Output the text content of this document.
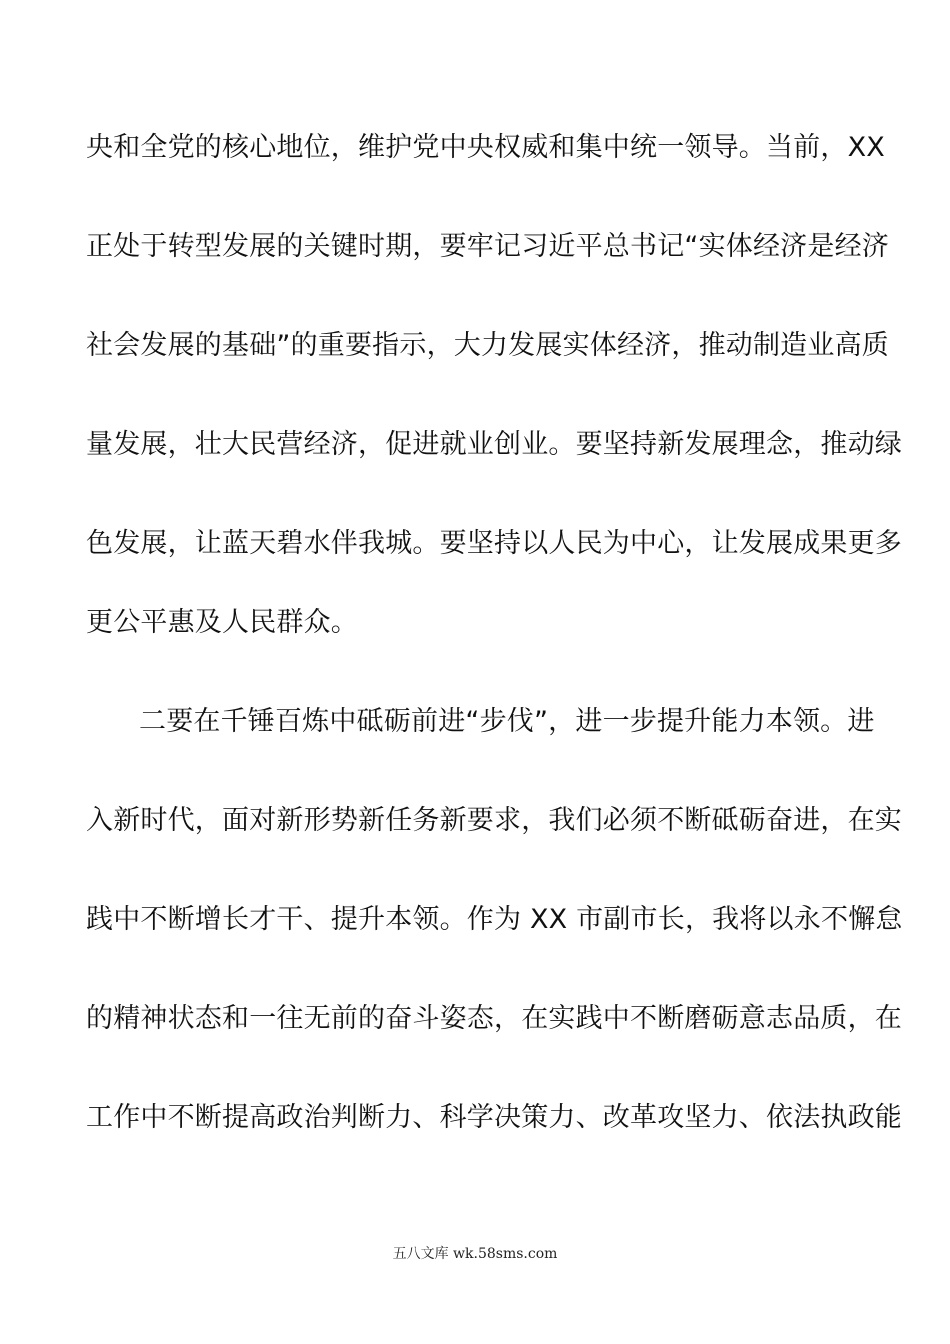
央和全党的核心地位，维护党中央权威和集中统一领导。当前，XX
正处于转型发展的关键时期，要牢记习近平总书记“实体经济是经济
社会发展的基础”的重要指示，大力发展实体经济，推动制造业高质
量发展，壮大民营经济，促进就业创业。要坚持新发展理念，推动绿
色发展，让蓝天碧水伴我城。要坚持以人民为中心，让发展成果更多
更公平惠及人民群众。
二要在千锤百炼中砥砺前进“步伐”，进一步提升能力本领。进
入新时代，面对新形势新任务新要求，我们必须不断砥砺奋进，在实
践中不断增长才干、提升本领。作为 XX 市副市长，我将以永不懈怠
的精神状态和一往无前的奋斗姿态，在实践中不断磨砺意志品质，在
工作中不断提高政治判断力、科学决策力、改革攻坚力、依法执政能
五八文库 wk.58sms.com
